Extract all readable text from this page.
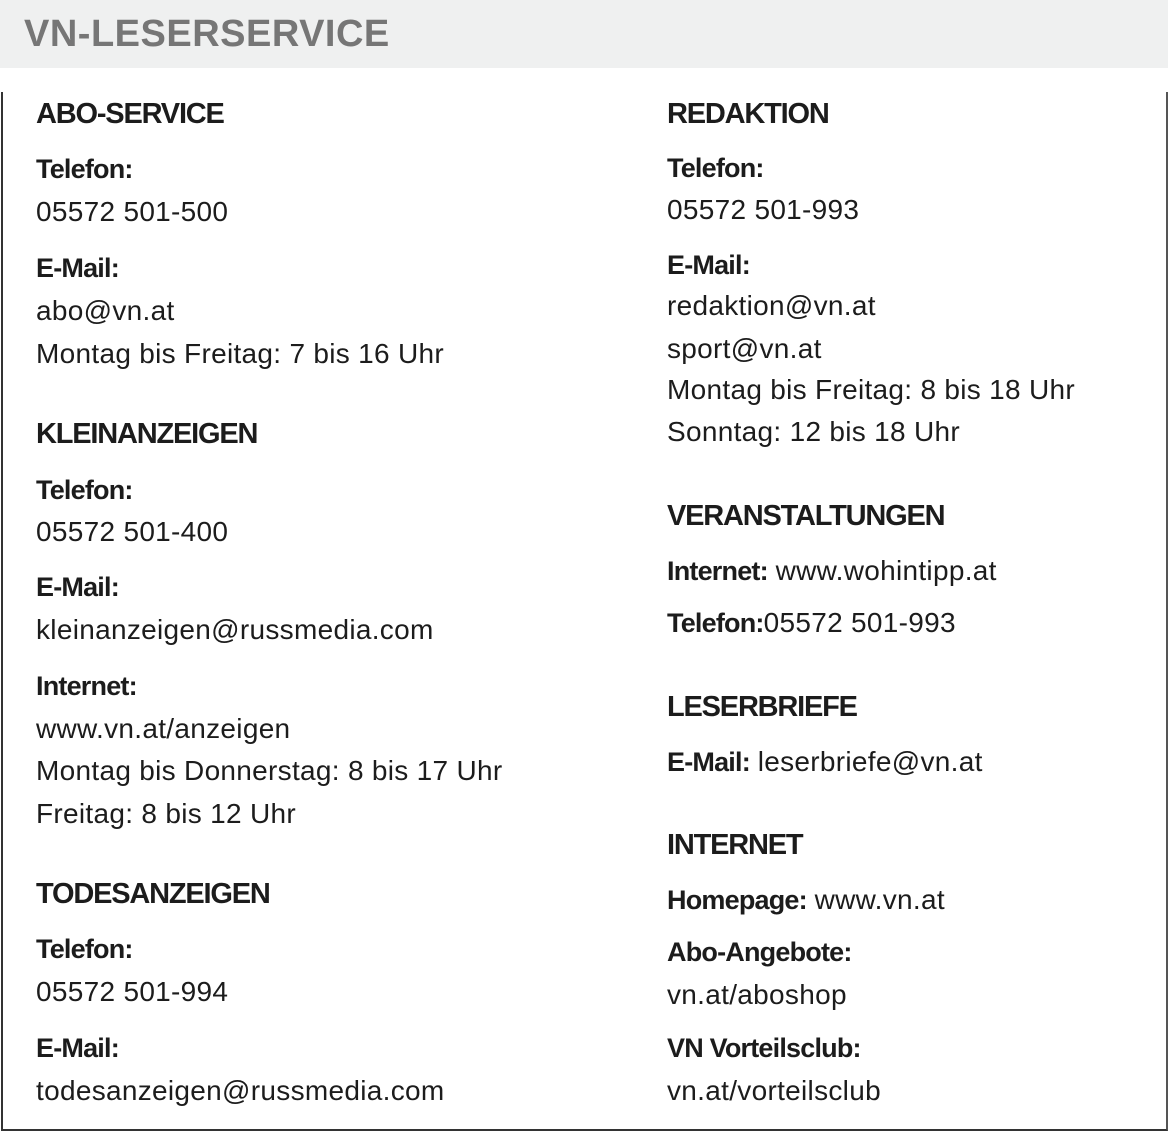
VN-LESERSERVICE
ABO-SERVICE
Telefon:
05572 501-500
E-Mail:
abo@vn.at
Montag bis Freitag: 7 bis 16 Uhr
KLEINANZEIGEN
Telefon:
05572 501-400
E-Mail:
kleinanzeigen@russmedia.com
Internet:
www.vn.at/anzeigen
Montag bis Donnerstag: 8 bis 17 Uhr
Freitag: 8 bis 12 Uhr
TODESANZEIGEN
Telefon:
05572 501-994
E-Mail:
todesanzeigen@russmedia.com
REDAKTION
Telefon:
05572 501-993
E-Mail:
redaktion@vn.at
sport@vn.at
Montag bis Freitag: 8 bis 18 Uhr
Sonntag: 12 bis 18 Uhr
VERANSTALTUNGEN
Internet: www.wohintipp.at
Telefon:05572 501-993
LESERBRIEFE
E-Mail: leserbriefe@vn.at
INTERNET
Homepage: www.vn.at
Abo-Angebote:
vn.at/aboshop
VN Vorteilsclub:
vn.at/vorteilsclub
